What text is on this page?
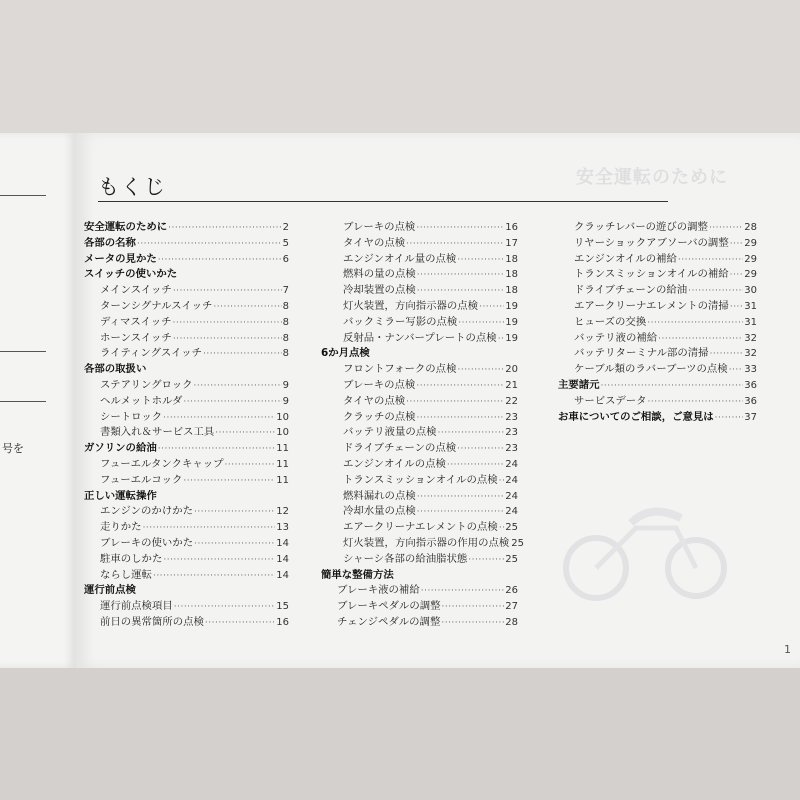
号を
安全運転のために
もくじ
安全運転のために ·····	2
各部の名称 ·····	5
メータの見かた ·····	6
スイッチの使いかた
メインスイッチ ·····	7
ターンシグナルスイッチ ·····	8
ディマスイッチ ·····	8
ホーンスイッチ ·····	8
ライティングスイッチ ·····	8
各部の取扱い
ステアリングロック ·····	9
ヘルメットホルダ ·····	9
シートロック ·····	10
書類入れ＆サービス工具 ·····	10
ガソリンの給油 ·····	11
フューエルタンクキャップ ·····	11
フューエルコック ·····	11
正しい運転操作
エンジンのかけかた ·····	12
走りかた ·····	13
ブレーキの使いかた ·····	14
駐車のしかた ·····	14
ならし運転 ·····	14
運行前点検
運行前点検項目 ·····	15
前日の異常箇所の点検 ·····	16
ブレーキの点検 ·····	16
タイヤの点検 ·····	17
エンジンオイル量の点検 ·····	18
燃料の量の点検 ·····	18
冷却装置の点検 ·····	18
灯火装置，方向指示器の点検 ·····	19
バックミラー写影の点検 ·····	19
反射品・ナンバープレートの点検 ····· 19
6か月点検
フロントフォークの点検 ·····	20
ブレーキの点検 ·····	21
タイヤの点検 ·····	22
クラッチの点検 ·····	23
バッテリ液量の点検 ·····	23
ドライブチェーンの点検 ·····	23
エンジンオイルの点検 ·····	24
トランスミッションオイルの点検 ····· 24
燃料漏れの点検 ·····	24
冷却水量の点検 ·····	24
エアークリーナエレメントの点検 ····· 25
灯火装置，方向指示器の作用の点検 25
シャーシ各部の給油脂状態 ·····	25
簡単な整備方法
ブレーキ液の補給 ·····	26
ブレーキペダルの調整 ·····	27
チェンジペダルの調整 ·····	28
クラッチレバーの遊びの調整 ·····	28
リヤーショックアブソーバの調整 ····· 29
エンジンオイルの補給 ·····	29
トランスミッションオイルの補給 ····· 29
ドライブチェーンの給油 ·····	30
エアークリーナエレメントの清掃 ····· 31
ヒューズの交換 ·····	31
バッテリ液の補給 ·····	32
バッテリターミナル部の清掃 ·····	32
ケーブル類のラバーブーツの点検 ····· 33
主要諸元 ·····	36
サービスデータ ·····	36
お車についてのご相談，ご意見は ·····	37
1
